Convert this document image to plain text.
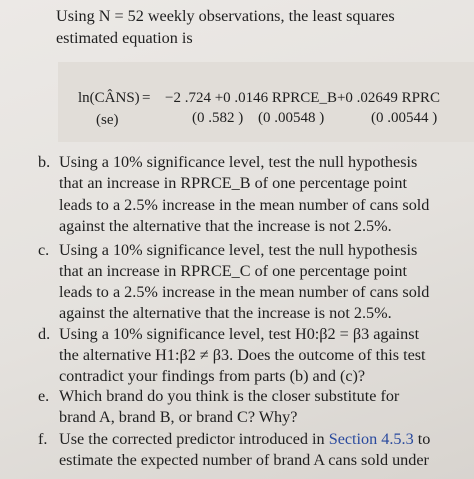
Using N = 52 weekly observations, the least squares
estimated equation is
ln(CÂNS) = −2 .724 +0 .0146 RPRCE_B+0 .02649 RPRC
(se)	(0 .582 ) (0 .00548 )	(0 .00544 )
b. Using a 10% significance level, test the null hypothesis
that an increase in RPRCE_B of one percentage point
leads to a 2.5% increase in the mean number of cans sold
against the alternative that the increase is not 2.5%.
c. Using a 10% significance level, test the null hypothesis
that an increase in RPRCE_C of one percentage point
leads to a 2.5% increase in the mean number of cans sold
against the alternative that the increase is not 2.5%.
d. Using a 10% significance level, test H0:β2 = β3 against
the alternative H1:β2 ≠ β3. Does the outcome of this test
contradict your findings from parts (b) and (c)?
e. Which brand do you think is the closer substitute for
brand A, brand B, or brand C? Why?
f. Use the corrected predictor introduced in Section 4.5.3 to
estimate the expected number of brand A cans sold under
